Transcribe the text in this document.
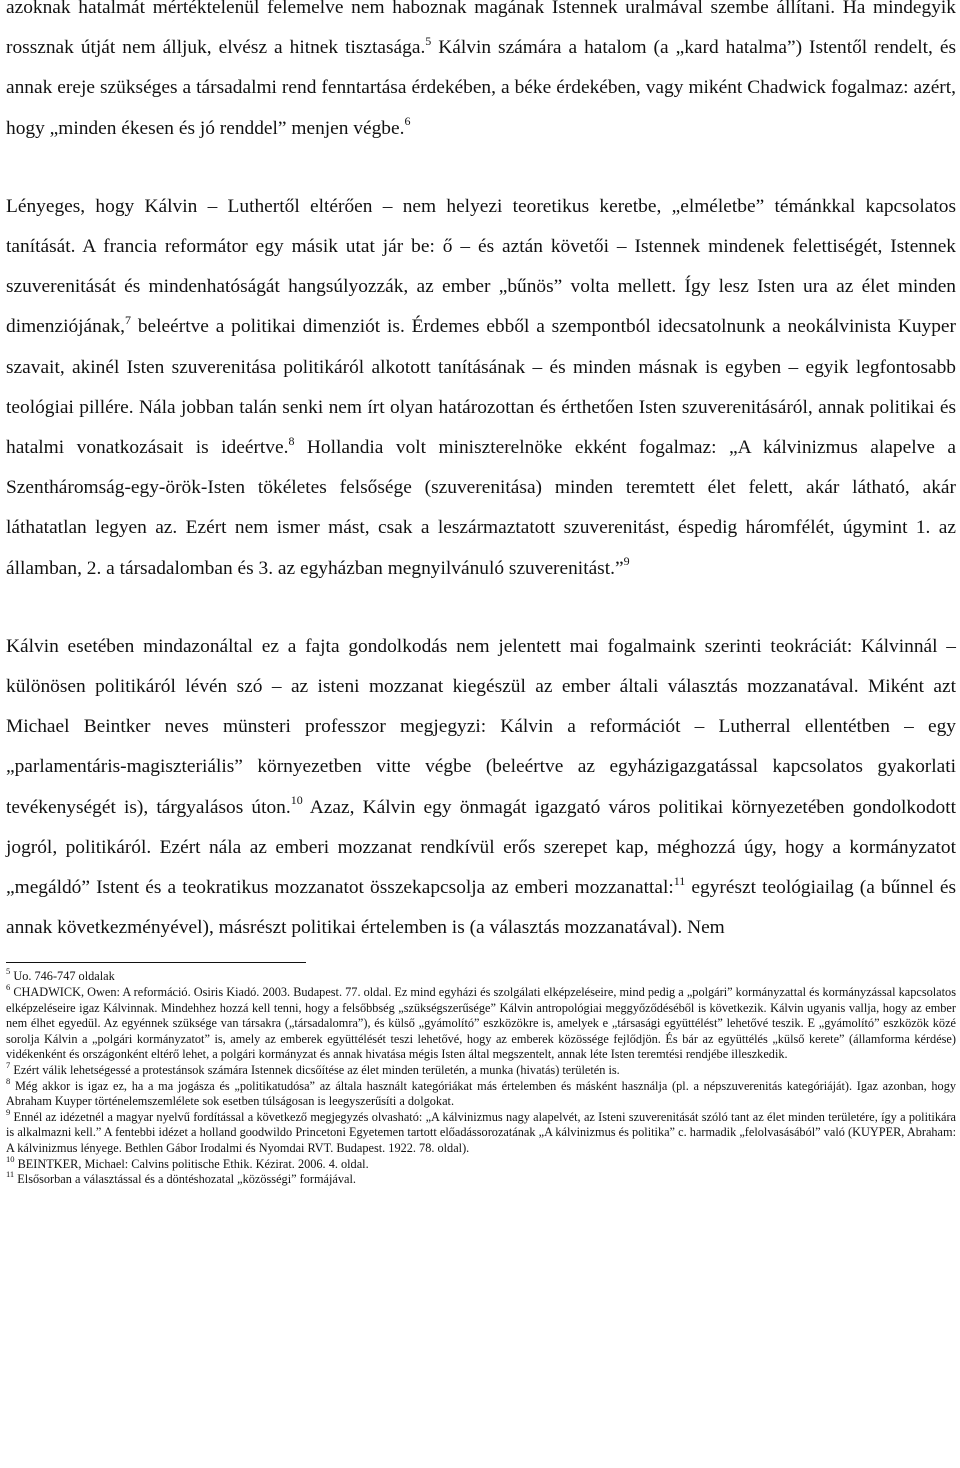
azoknak hatalmát mértéktelenül felemelve nem haboznak magának Istennek uralmával szembe állítani. Ha mindegyik rossznak útját nem álljuk, elvész a hitnek tisztasága.$^5$ Kálvin számára a hatalom (a „kard hatalma”) Istentől rendelt, és annak ereje szükséges a társadalmi rend fenntartása érdekében, a béke érdekében, vagy miként Chadwick fogalmaz: azért, hogy „minden ékesen és jó renddel” menjen végbe.$^6$

Lényeges, hogy Kálvin – Luthertől eltérően – nem helyezi teoretikus keretbe, „elméletbe” témánkkal kapcsolatos tanítását. A francia reformátor egy másik utat jár be: ő – és aztán követői – Istennek mindenek felettiségét, Istennek szuverenitását és mindenhatóságát hangsúlyozzák, az ember „bűnös” volta mellett. Így lesz Isten ura az élet minden dimenziójának,$^7$ beleértve a politikai dimenziót is. Érdemes ebből a szempontból idecsatolnunk a neokálvinista Kuyper szavait, akinél Isten szuverenitása politikáról alkotott tanításának – és minden másnak is egyben – egyik legfontosabb teológiai pillére. Nála jobban talán senki nem írt olyan határozottan és érthetően Isten szuverenitásáról, annak politikai és hatalmi vonatkozásait is ideértve.$^8$ Hollandia volt miniszterelnöke ekként fogalmaz: „A kálvinizmus alapelve a Szentháromság-egy-örök-Isten tökéletes felsősége (szuverenitása) minden teremtett élet felett, akár látható, akár láthatatlan legyen az. Ezért nem ismer mást, csak a leszármaztatott szuverenitást, éspedig háromfélét, úgymint 1. az államban, 2. a társadalomban és 3. az egyházban megnyilvánuló szuverenitást.”$^9$

Kálvin esetében mindazonáltal ez a fajta gondolkodás nem jelentett mai fogalmaink szerinti teokráciát: Kálvinnál – különösen politikáról lévén szó – az isteni mozzanat kiegészül az ember általi választás mozzanatával. Miként azt Michael Beintker neves münsteri professzor megjegyzi: Kálvin a reformációt – Lutherral ellentétben – egy „parlamentáris-magiszteriális” környezetben vitte végbe (beleértve az egyházigazgatással kapcsolatos gyakorlati tevékenységét is), tárgyalásos úton.$^{10}$ Azaz, Kálvin egy önmagát igazgató város politikai környezetében gondolkodott jogról, politikáról. Ezért nála az emberi mozzanat rendkívül erős szerepet kap, méghozzá úgy, hogy a kormányzatot „megáldó” Istent és a teokratikus mozzanatot összekapcsolja az emberi mozzanattal:$^{11}$ egyrészt teológiailag (a bűnnel és annak következményével), másrészt politikai értelemben is (a választás mozzanatával). Nem

$^5$ Uo. 746-747 oldalak

$^6$ CHADWICK, Owen: A reformáció. Osiris Kiadó. 2003. Budapest. 77. oldal. Ez mind egyházi és szolgálati elképzeléseire, mind pedig a „polgári” kormányzattal és kormányzással kapcsolatos elképzeléseire igaz Kálvinnak. Mindehhez hozzá kell tenni, hogy a felsőbbség „szükségszerűsége” Kálvin antropológiai meggyőződéséből is következik. Kálvin ugyanis vallja, hogy az ember nem élhet egyedül. Az egyénnek szüksége van társakra („társadalomra”), és külső „gyámolító” eszközökre is, amelyek e „társasági együttélést” lehetővé teszik. E „gyámolító” eszközök közé sorolja Kálvin a „polgári kormányzatot” is, amely az emberek együttélését teszi lehetővé, hogy az emberek közössége fejlődjön. És bár az együttélés „külső kerete” (államforma kérdése) vidékenként és országonként eltérő lehet, a polgári kormányzat és annak hivatása mégis Isten által megszentelt, annak léte Isten teremtési rendjébe illeszkedik.

$^7$ Ezért válik lehetségessé a protestánsok számára Istennek dicsőítése az élet minden területén, a munka (hivatás) területén is.

$^8$ Még akkor is igaz ez, ha a ma jogásza és „politikatudósa” az általa használt kategóriákat más értelemben és másként használja (pl. a népszuverenitás kategóriáját). Igaz azonban, hogy Abraham Kuyper történelemszemlélete sok esetben túlságosan is leegyszerűsíti a dolgokat.

$^9$ Ennél az idézetnél a magyar nyelvű fordítással a következő megjegyzés olvasható: „A kálvinizmus nagy alapelvét, az Isteni szuverenitását szóló tant az élet minden területére, így a politikára is alkalmazni kell.” A fentebbi idézet a holland goodwildo Princetoni Egyetemen tartott előadássorozatának „A kálvinizmus és politika” c. harmadik „felolvasásából” való (KUYPER, Abraham: A kálvinizmus lényege. Bethlen Gábor Irodalmi és Nyomdai RVT. Budapest. 1922. 78. oldal).

$^{10}$ BEINTKER, Michael: Calvins politische Ethik. Kézirat. 2006. 4. oldal.

$^{11}$ Elsősorban a választással és a döntéshozatal „közösségi” formájával.
